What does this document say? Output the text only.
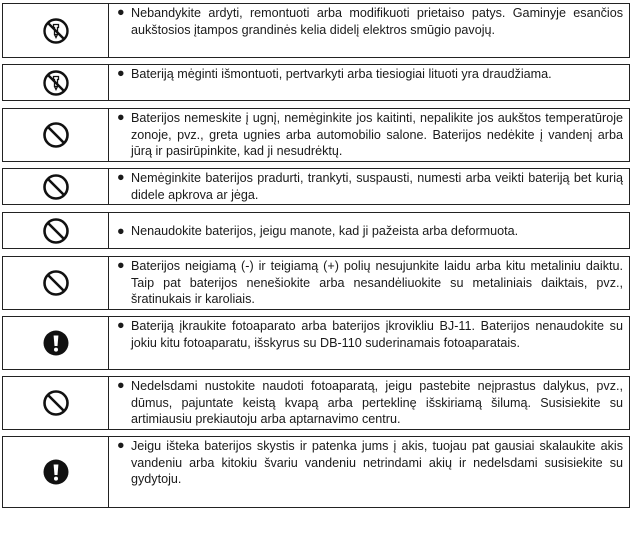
● Nebandykite ardyti, remontuoti arba modifikuoti prietaiso patys. Gaminyje esančios aukštosios įtampos grandinės kelia didelį elektros smūgio pavojų.
● Bateriją mėginti išmontuoti, pertvarkyti arba tiesiogiai lituoti yra draudžiama.
● Baterijos nemeskite į ugnį, nemėginkite jos kaitinti, nepalikite jos aukštos temperatūroje zonoje, pvz., greta ugnies arba automobilio salone. Baterijos nedėkite į vandenį arba jūrą ir pasirūpinkite, kad ji nesudrėktų.
● Nemėginkite baterijos pradurti, trankyti, suspausti, numesti arba veikti bateriją bet kurią didele apkrova ar jėga.
● Nenaudokite baterijos, jeigu manote, kad ji pažeista arba deformuota.
● Baterijos neigiamą (-) ir teigiamą (+) polių nesujunkite laidu arba kitu metaliniu daiktu. Taip pat baterijos nenešiokite arba nesandėliuokite su metaliniais daiktais, pvz., šratinukais ir karoliais.
● Bateriją įkraukite fotoaparato arba baterijos įkrovikliu BJ-11. Baterijos nenaudokite su jokiu kitu fotoaparatu, išskyrus su DB-110 suderinamais fotoaparatais.
● Nedelsdami nustokite naudoti fotoaparatą, jeigu pastebite neįprastus dalykus, pvz., dūmus, pajuntate keistą kvapą arba perteklinę išskiriamą šilumą. Susisiekite su artimiausiu prekiautoju arba aptarnavimo centru.
● Jeigu ištekа baterijos skystis ir patenka jums į akis, tuojau pat gausiai skalaukite akis vandeniu arba kitokiu švariu vandeniu netrindami akių ir nedelsdami susisiekite su gydytoju.
